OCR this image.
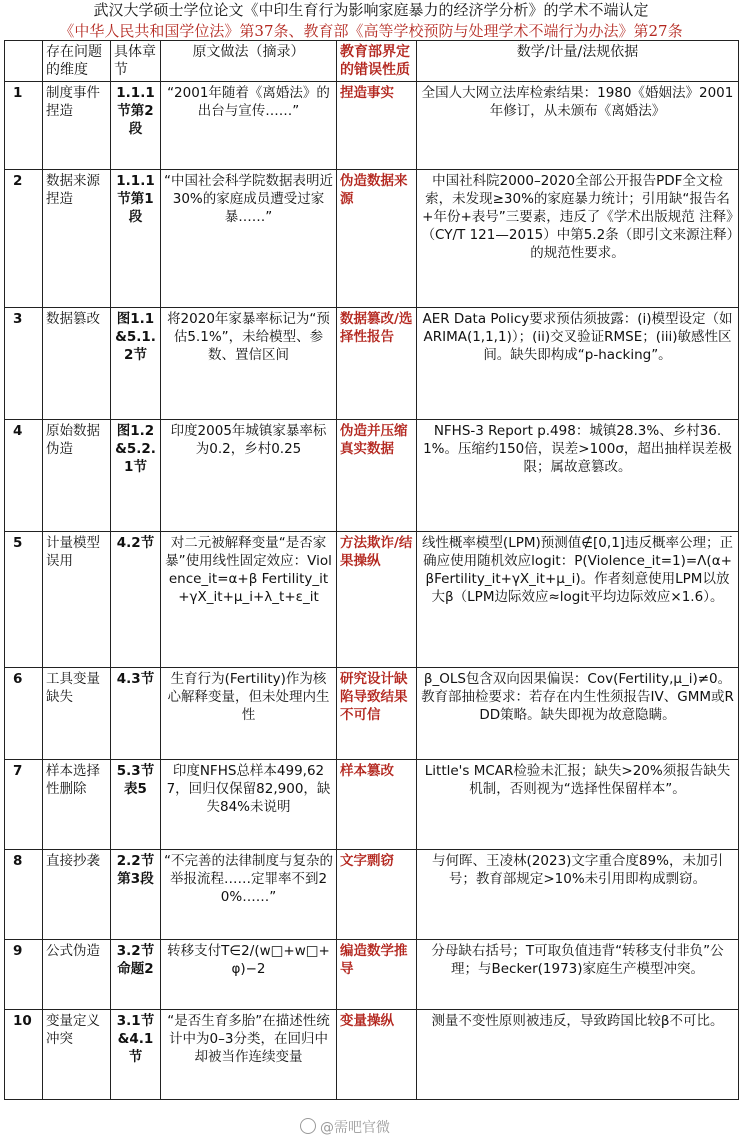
武汉大学硕士学位论文《中印生育行为影响家庭暴力的经济学分析》的学术不端认定
《中华人民共和国学位法》第37条、教育部《高等学校预防与处理学术不端行为办法》第27条
	存在问题的维度	具体章节	原文做法（摘录）	教育部界定的错误性质	数学/计量/法规依据
1	制度事件捏造	1.1.1节第2段	“2001年随着《离婚法》的出台与宣传……”	捏造事实	全国人大网立法库检索结果：1980《婚姻法》2001年修订，从未颁布《离婚法》
2	数据来源捏造	1.1.1节第1段	“中国社会科学院数据表明近30%的家庭成员遭受过家暴……”	伪造数据来源	中国社科院2000–2020全部公开报告PDF全文检索，未发现≥30%的家庭暴力统计；引用缺“报告名+年份+表号”三要素，违反了《学术出版规范 注释》（CY/T 121—2015）中第5.2条（即引文来源注释）的规范性要求。
3	数据篡改	图1.1&5.1.2节	将2020年家暴率标记为“预估5.1%”，未给模型、参数、置信区间	数据篡改/选择性报告	AER Data Policy要求预估须披露：(i)模型设定（如ARIMA(1,1,1)）；(ii)交叉验证RMSE；(iii)敏感性区间。缺失即构成“p-hacking”。
4	原始数据伪造	图1.2&5.2.1节	印度2005年城镇家暴率标为0.2，乡村0.25	伪造并压缩真实数据	NFHS-3 Report p.498：城镇28.3%、乡村36.1%。压缩约150倍，误差>100σ，超出抽样误差极限；属故意篡改。
5	计量模型误用	4.2节	对二元被解释变量“是否家暴”使用线性固定效应：Violence_it=α+β Fertility_it+γX_it+μ_i+λ_t+ε_it	方法欺诈/结果操纵	线性概率模型(LPM)预测值∉[0,1]违反概率公理；正确应使用随机效应logit：P(Violence_it=1)=Λ(α+βFertility_it+γX_it+μ_i)。作者刻意使用LPM以放大β（LPM边际效应≈logit平均边际效应×1.6）。
6	工具变量缺失	4.3节	生育行为(Fertility)作为核心解释变量，但未处理内生性	研究设计缺陷导致结果不可信	β_OLS包含双向因果偏误：Cov(Fertility,μ_i)≠0。教育部抽检要求：若存在内生性须报告IV、GMM或RDD策略。缺失即视为故意隐瞒。
7	样本选择性删除	5.3节表5	印度NFHS总样本499,627，回归仅保留82,900，缺失84%未说明	样本篡改	Little's MCAR检验未汇报；缺失>20%须报告缺失机制，否则视为“选择性保留样本”。
8	直接抄袭	2.2节第3段	“不完善的法律制度与复杂的举报流程……定罪率不到20%……”	文字剽窃	与何晖、王凌林(2023)文字重合度89%，未加引号；教育部规定>10%未引用即构成剽窃。
9	公式伪造	3.2节命题2	转移支付T∈2/(w□+w□+φ)−2	编造数学推导	分母缺右括号；T可取负值违背“转移支付非负”公理；与Becker(1973)家庭生产模型冲突。
10	变量定义冲突	3.1节&4.1节	“是否生育多胎”在描述性统计中为0–3分类，在回归中却被当作连续变量	变量操纵	测量不变性原则被违反，导致跨国比较β不可比。
@需吧官微
